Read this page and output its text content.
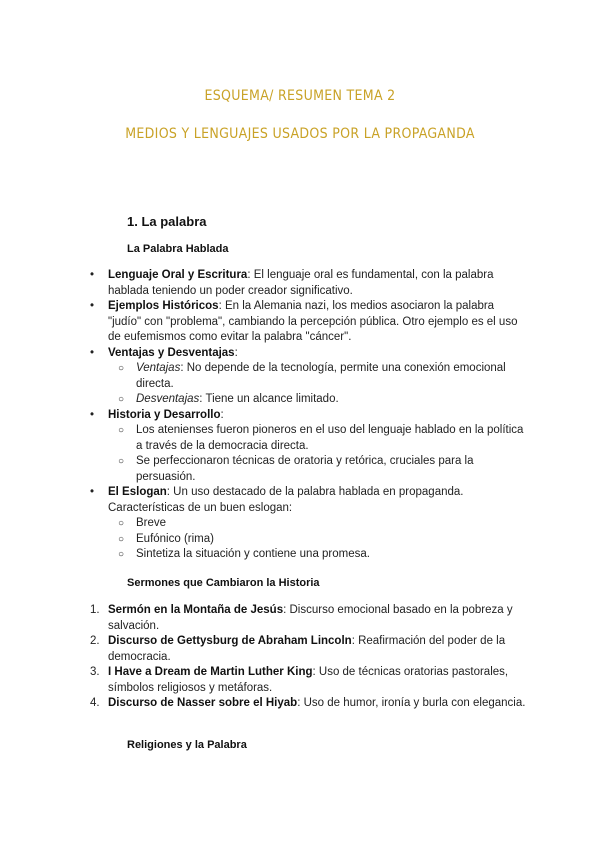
ESQUEMA/ RESUMEN TEMA 2
MEDIOS Y LENGUAJES USADOS POR LA PROPAGANDA
1. La palabra
La Palabra Hablada
• Lenguaje Oral y Escritura: El lenguaje oral es fundamental, con la palabra hablada teniendo un poder creador significativo.
• Ejemplos Históricos: En la Alemania nazi, los medios asociaron la palabra "judío" con "problema", cambiando la percepción pública. Otro ejemplo es el uso de eufemismos como evitar la palabra "cáncer".
• Ventajas y Desventajas:
○ Ventajas: No depende de la tecnología, permite una conexión emocional directa.
○ Desventajas: Tiene un alcance limitado.
• Historia y Desarrollo:
○ Los atenienses fueron pioneros en el uso del lenguaje hablado en la política a través de la democracia directa.
○ Se perfeccionaron técnicas de oratoria y retórica, cruciales para la persuasión.
• El Eslogan: Un uso destacado de la palabra hablada en propaganda. Características de un buen eslogan:
○ Breve
○ Eufónico (rima)
○ Sintetiza la situación y contiene una promesa.
Sermones que Cambiaron la Historia
1. Sermón en la Montaña de Jesús: Discurso emocional basado en la pobreza y salvación.
2. Discurso de Gettysburg de Abraham Lincoln: Reafirmación del poder de la democracia.
3. I Have a Dream de Martin Luther King: Uso de técnicas oratorias pastorales, símbolos religiosos y metáforas.
4. Discurso de Nasser sobre el Hiyab: Uso de humor, ironía y burla con elegancia.
Religiones y la Palabra
